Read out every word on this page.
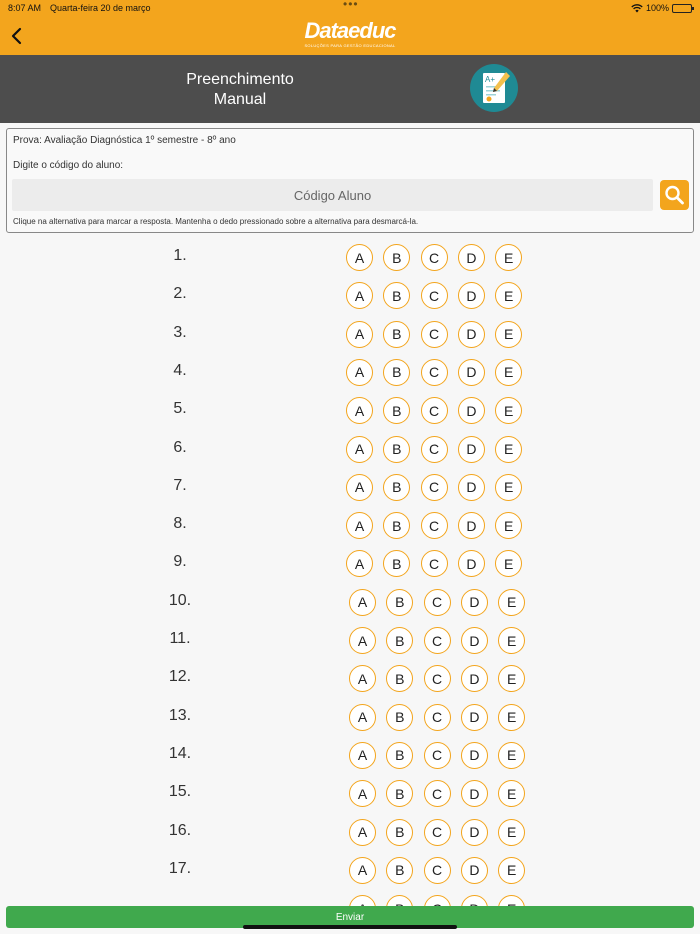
8:07 AM Quarta-feira 20 de março	•••	100%
Dataeduc
SOLUÇÕES PARA GESTÃO EDUCACIONAL
Preenchimento
Manual
A+
Prova: Avaliação Diagnóstica 1º semestre - 8º ano
Digite o código do aluno:
Código Aluno
Clique na alternativa para marcar a resposta. Mantenha o dedo pressionado sobre a alternativa para desmarcá-la.
1.	A	B	C	D	E
2.	A	B	C	D	E
3.	A	B	C	D	E
4.	A	B	C	D	E
5.	A	B	C	D	E
6.	A	B	C	D	E
7.	A	B	C	D	E
8.	A	B	C	D	E
9.	A	B	C	D	E
10.	A	B	C	D	E
11.	A	B	C	D	E
12.	A	B	C	D	E
13.	A	B	C	D	E
14.	A	B	C	D	E
15.	A	B	C	D	E
16.	A	B	C	D	E
17.	A	B	C	D	E
Enviar
